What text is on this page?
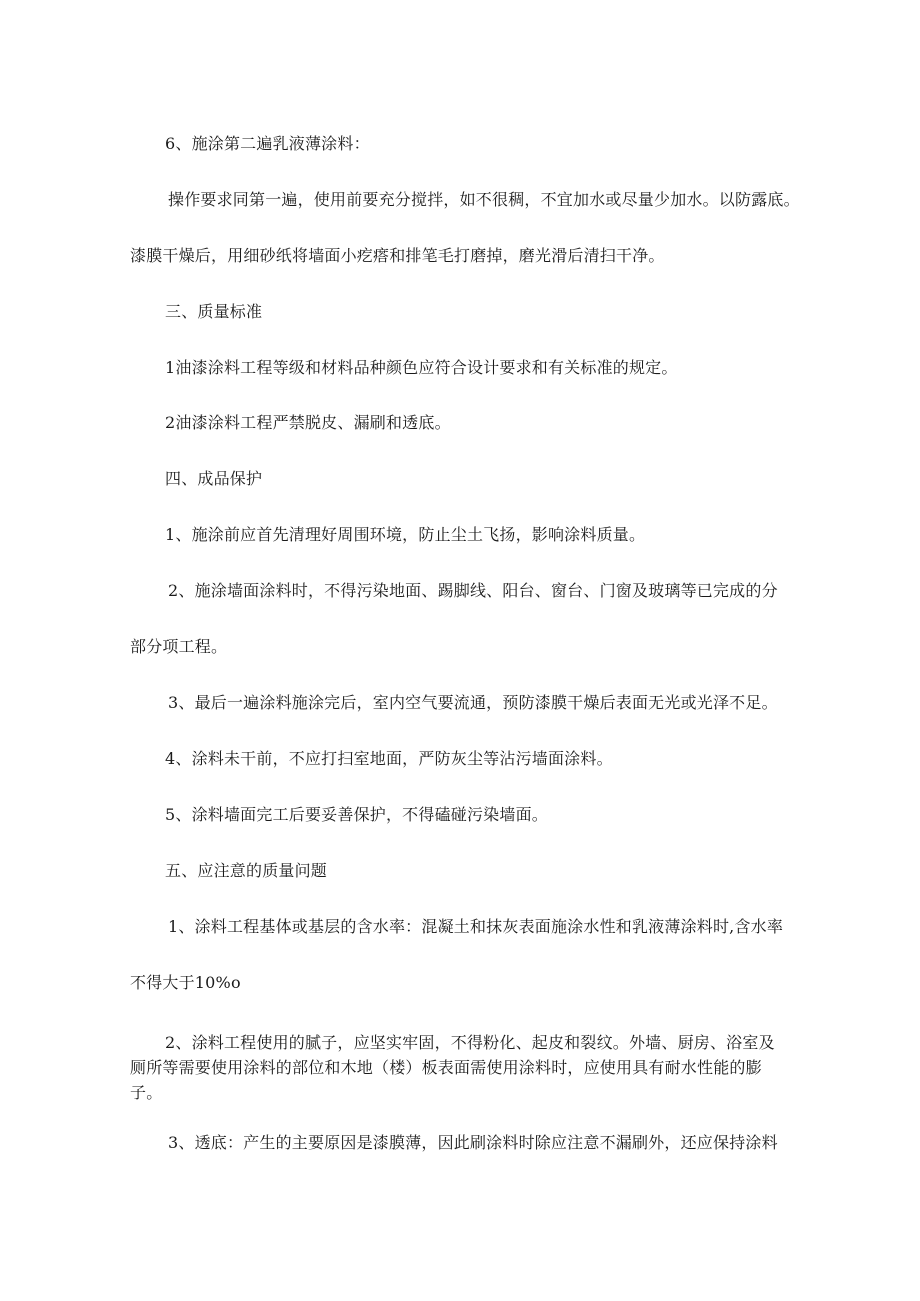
6、施涂第二遍乳液薄涂料：
操作要求同第一遍，使用前要充分搅拌，如不很稠，不宜加水或尽量少加水。以防露底。
漆膜干燥后，用细砂纸将墙面小疙瘩和排笔毛打磨掉，磨光滑后清扫干净。
三、质量标准
1油漆涂料工程等级和材料品种颜色应符合设计要求和有关标准的规定。
2油漆涂料工程严禁脱皮、漏刷和透底。
四、成品保护
1、施涂前应首先清理好周围环境，防止尘土飞扬，影响涂料质量。
2、施涂墙面涂料时，不得污染地面、踢脚线、阳台、窗台、门窗及玻璃等已完成的分
部分项工程。
3、最后一遍涂料施涂完后，室内空气要流通，预防漆膜干燥后表面无光或光泽不足。
4、涂料未干前，不应打扫室地面，严防灰尘等沾污墙面涂料。
5、涂料墙面完工后要妥善保护，不得磕碰污染墙面。
五、应注意的质量问题
1、涂料工程基体或基层的含水率：混凝土和抹灰表面施涂水性和乳液薄涂料时,含水率
不得大于10%o
2、涂料工程使用的腻子，应坚实牢固，不得粉化、起皮和裂纹。外墙、厨房、浴室及
厕所等需要使用涂料的部位和木地（楼）板表面需使用涂料时，应使用具有耐水性能的膨
子。
3、透底：产生的主要原因是漆膜薄，因此刷涂料时除应注意不漏刷外，还应保持涂料
